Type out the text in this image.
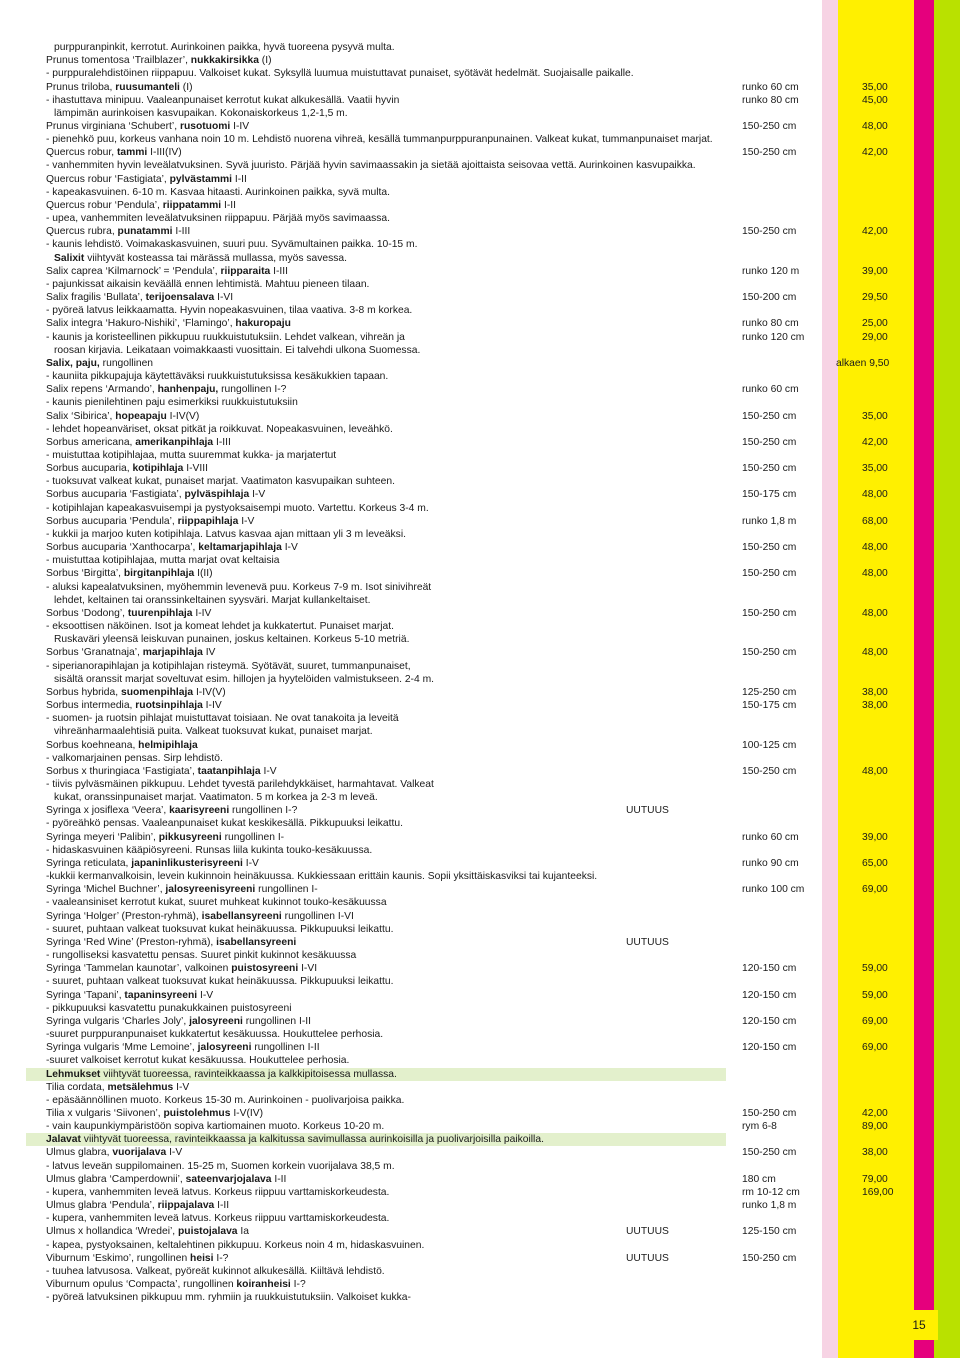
purppuranpinkit, kerrotut. Aurinkoinen paikka, hyvä tuoreena pysyvä multa.
Prunus tomentosa ‘Trailblazer’, nukkakirsikka (I)
- purppuralehdistöinen riippapuu. Valkoiset kukat. Syksyllä luumua muistuttavat punaiset, syötävät hedelmät. Suojaisalle paikalle.
Prunus triloba, ruusumanteli (I)	runko 60 cm	35,00
- ihastuttava minipuu. Vaaleanpunaiset kerrotut kukat alkukesällä. Vaatii hyvin	runko 80 cm	45,00
lämpimän aurinkoisen kasvupaikan. Kokonaiskorkeus 1,2-1,5 m.
Prunus virginiana ‘Schubert’, rusotuomi I-IV	150-250 cm	48,00
- pienehkö puu, korkeus vanhana noin 10 m. Lehdistö nuorena vihreä, kesällä tummanpurppuranpunainen. Valkeat kukat, tummanpunaiset marjat.
Quercus robur, tammi I-III(IV)	150-250 cm	42,00
- vanhemmiten hyvin leveälatvuksinen. Syvä juuristo. Pärjää hyvin savimaassakin ja sietää ajoittaista seisovaa vettä. Aurinkoinen kasvupaikka.
Quercus robur ‘Fastigiata’, pylvästammi I-II
- kapeakasvuinen. 6-10 m. Kasvaa hitaasti. Aurinkoinen paikka, syvä multa.
Quercus robur ‘Pendula’, riippatammi I-II
- upea, vanhemmiten leveälatvuksinen riippapuu. Pärjää myös savimaassa.
Quercus rubra, punatammi I-III	150-250 cm	42,00
- kaunis lehdistö. Voimakaskasvuinen, suuri puu. Syvämultainen paikka. 10-15 m.
Salixit viihtyvät kosteassa tai märässä mullassa, myös savessa.
Salix caprea ‘Kilmarnock’ = ‘Pendula’, riipparaita I-III	runko 120 m	39,00
- pajunkissat aikaisin keväällä ennen lehtimistä. Mahtuu pieneen tilaan.
Salix fragilis ‘Bullata’, terijoensalava I-VI	150-200 cm	29,50
- pyöreä latvus leikkaamatta. Hyvin nopeakasvuinen, tilaa vaativa. 3-8 m korkea.
Salix integra ‘Hakuro-Nishiki’, ‘Flamingo’, hakuropaju	runko 80 cm	25,00
- kaunis ja koristeellinen pikkupuu ruukkuistutuksiin. Lehdet valkean, vihreän ja	runko 120 cm	29,00
roosan kirjavia. Leikataan voimakkaasti vuosittain. Ei talvehdi ulkona Suomessa.
Salix, paju, rungollinen	alkaen 9,50
- kauniita pikkupajuja käytettäväksi ruukkuistutuksissa kesäkukkien tapaan.
Salix repens ‘Armando’, hanhenpaju, rungollinen I-?	runko 60 cm
- kaunis pienilehtinen paju esimerkiksi ruukkuistutuksiin
Salix ‘Sibirica’, hopeapaju I-IV(V)	150-250 cm	35,00
- lehdet hopeanväriset, oksat pitkät ja roikkuvat. Nopeakasvuinen, leveähkö.
Sorbus americana, amerikanpihlaja I-III	150-250 cm	42,00
- muistuttaa kotipihlajaa, mutta suuremmat kukka- ja marjatertut
Sorbus aucuparia, kotipihlaja I-VIII	150-250 cm	35,00
- tuoksuvat valkeat kukat, punaiset marjat. Vaatimaton kasvupaikan suhteen.
Sorbus aucuparia ‘Fastigiata’, pylväspihlaja I-V	150-175 cm	48,00
- kotipihlajan kapeakasvuisempi ja pystyoksaisempi muoto. Vartettu. Korkeus 3-4 m.
Sorbus aucuparia ‘Pendula’, riippapihlaja I-V	runko 1,8 m	68,00
- kukkii ja marjoo kuten kotipihlaja. Latvus kasvaa ajan mittaan yli 3 m leveäksi.
Sorbus aucuparia ‘Xanthocarpa’, keltamarjapihlaja I-V	150-250 cm	48,00
- muistuttaa kotipihlajaa, mutta marjat ovat keltaisia
Sorbus ‘Birgitta’, birgitanpihlaja I(II)	150-250 cm	48,00
- aluksi kapealatvuksinen, myöhemmin levenevä puu. Korkeus 7-9 m. Isot sinivihreät
lehdet, keltainen tai oranssinkeltainen syysväri. Marjat kullankeltaiset.
Sorbus ‘Dodong’, tuurenpihlaja I-IV	150-250 cm	48,00
- eksoottisen näköinen. Isot ja komeat lehdet ja kukkatertut. Punaiset marjat.
Ruskaväri yleensä leiskuvan punainen, joskus keltainen. Korkeus 5-10 metriä.
Sorbus ‘Granatnaja’, marjapihlaja IV	150-250 cm	48,00
- siperianorapihlajan ja kotipihlajan risteymä. Syötävät, suuret, tummanpunaiset,
sisältä oranssit marjat soveltuvat esim. hillojen ja hyytelöiden valmistukseen. 2-4 m.
Sorbus hybrida, suomenpihlaja I-IV(V)	125-250 cm	38,00
Sorbus intermedia, ruotsinpihlaja I-IV	150-175 cm	38,00
- suomen- ja ruotsin pihlajat muistuttavat toisiaan. Ne ovat tanakoita ja leveitä
vihreänharmaalehtisiä puita. Valkeat tuoksuvat kukat, punaiset marjat.
Sorbus koehneana, helmipihlaja	100-125 cm
- valkomarjainen pensas. Sirp lehdistö.
Sorbus x thuringiaca ‘Fastigiata’, taatanpihlaja I-V	150-250 cm	48,00
- tiivis pylväsmäinen pikkupuu. Lehdet tyvestä parilehdykkäiset, harmahtavat. Valkeat
kukat, oranssinpunaiset marjat. Vaatimaton. 5 m korkea ja 2-3 m leveä.
Syringa x josiflexa ‘Veera’, kaarisyreeni rungollinen I-?	UUTUUS
- pyöreähkö pensas. Vaaleanpunaiset kukat keskikesällä. Pikkupuuksi leikattu.
Syringa meyeri ‘Palibin’, pikkusyreeni rungollinen I-	runko 60 cm	39,00
- hidaskasvuinen kääpiösyreeni. Runsas liila kukinta touko-kesäkuussa.
Syringa reticulata, japaninlikusterisyreeni I-V	runko 90 cm	65,00
-kukkii kermanvalkoisin, levein kukinnoin heinäkuussa. Kukkiessaan erittäin kaunis. Sopii yksittäiskasviksi tai kujanteeksi.
Syringa ‘Michel Buchner’, jalosyreenisyreeni rungollinen I-	runko 100 cm	69,00
- vaaleansiniset kerrotut kukat, suuret muhkeat kukinnot touko-kesäkuussa
Syringa ‘Holger’ (Preston-ryhmä), isabellansyreeni rungollinen I-VI
- suuret, puhtaan valkeat tuoksuvat kukat heinäkuussa. Pikkupuuksi leikattu.
Syringa ‘Red Wine’ (Preston-ryhmä), isabellansyreeni	UUTUUS
- rungolliseksi kasvatettu pensas. Suuret pinkit kukinnot kesäkuussa
Syringa ‘Tammelan kaunotar’, valkoinen puistosyreeni I-VI	120-150 cm	59,00
- suuret, puhtaan valkeat tuoksuvat kukat heinäkuussa. Pikkupuuksi leikattu.
Syringa ‘Tapani’, tapaninsyreeni I-V	120-150 cm	59,00
- pikkupuuksi kasvatettu punakukkainen puistosyreeni
Syringa vulgaris ‘Charles Joly’, jalosyreeni rungollinen I-II	120-150 cm	69,00
-suuret purppuranpunaiset kukkatertut kesäkuussa. Houkuttelee perhosia.
Syringa vulgaris ‘Mme Lemoine’, jalosyreeni rungollinen I-II	120-150 cm	69,00
-suuret valkoiset kerrotut kukat kesäkuussa. Houkuttelee perhosia.
Lehmukset viihtyvät tuoreessa, ravinteikkaassa ja kalkkipitoisessa mullassa.
Tilia cordata, metsälehmus I-V
- epäsäännöllinen muoto. Korkeus 15-30 m. Aurinkoinen - puolivarjoisa paikka.
Tilia x vulgaris ‘Siivonen’, puistolehmus I-V(IV)	150-250 cm	42,00
- vain kaupunkiympäristöön sopiva kartiomainen muoto. Korkeus 10-20 m.	rym 6-8	89,00
Jalavat viihtyvät tuoreessa, ravinteikkaassa ja kalkitussa savimullassa aurinkoisilla ja puolivarjoisilla paikoilla.
Ulmus glabra, vuorijalava I-V	150-250 cm	38,00
- latvus leveän suppilomainen. 15-25 m, Suomen korkein vuorijalava 38,5 m.
Ulmus glabra ‘Camperdownii’, sateenvarjojalava I-II	180 cm	79,00
- kupera, vanhemmiten leveä latvus. Korkeus riippuu varttamiskorkeudesta.	rm 10-12 cm	169,00
Ulmus glabra ‘Pendula’, riippajalava I-II	runko 1,8 m
- kupera, vanhemmiten leveä latvus. Korkeus riippuu varttamiskorkeudesta.
Ulmus x hollandica ‘Wredei’, puistojalava Ia	UUTUUS	125-150 cm
- kapea, pystyoksainen, keltalehtinen pikkupuu. Korkeus noin 4 m, hidaskasvuinen.
Viburnum ‘Eskimo’, rungollinen heisi I-?	UUTUUS	150-250 cm
- tuuhea latvusosa. Valkeat, pyöreät kukinnot alkukesällä. Kiiltävä lehdistö.
Viburnum opulus ‘Compacta’, rungollinen koiranheisi I-?
- pyöreä latvuksinen pikkupuu mm. ryhmiin ja ruukkuistutuksiin. Valkoiset kukka-
15
